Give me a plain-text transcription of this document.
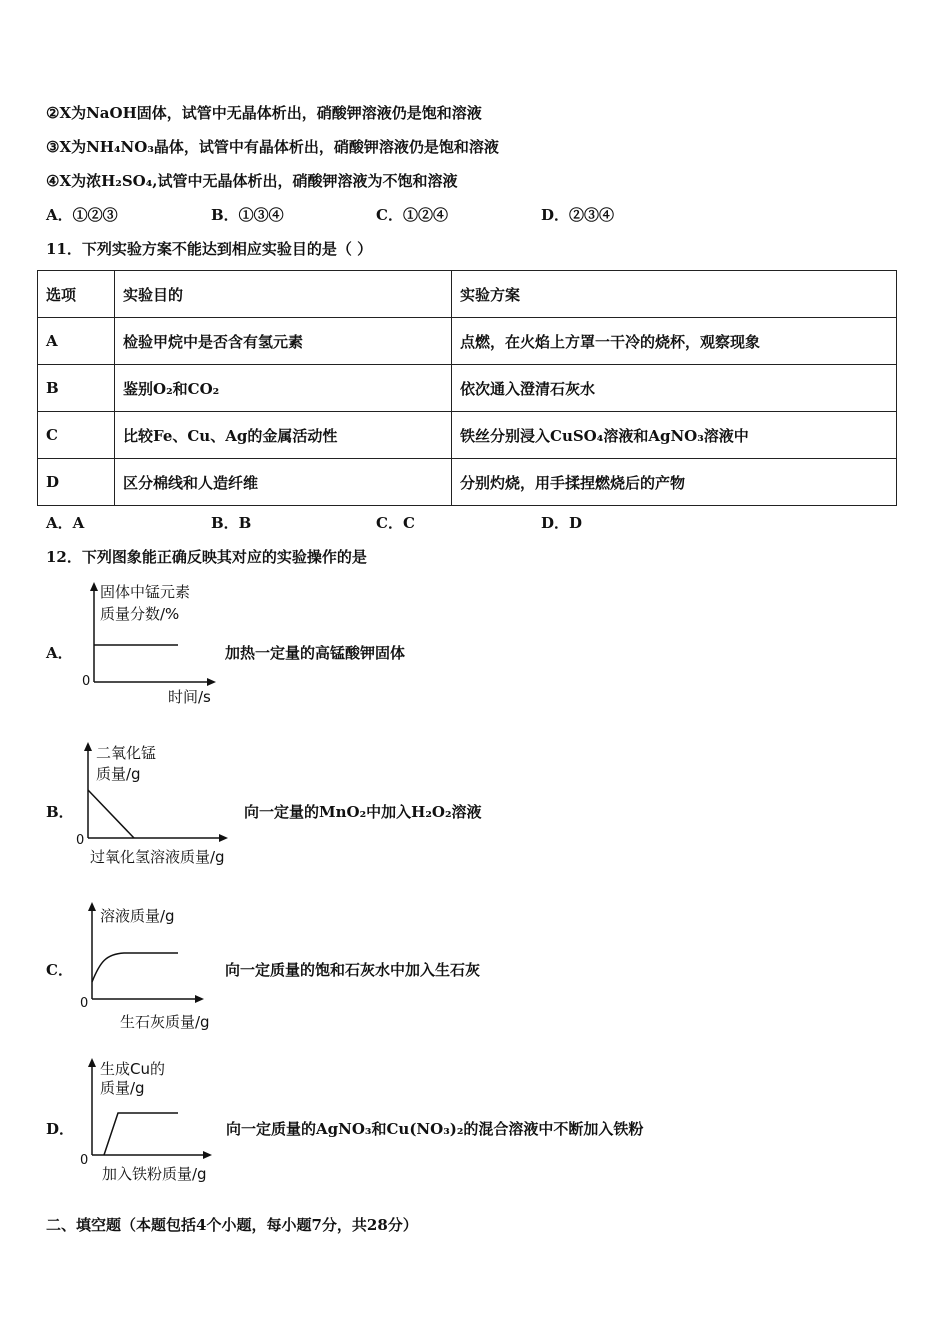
②X为NaOH固体，试管中无晶体析出，硝酸钾溶液仍是饱和溶液
③X为NH₄NO₃晶体，试管中有晶体析出，硝酸钾溶液仍是饱和溶液
④X为浓H₂SO₄,试管中无晶体析出，硝酸钾溶液为不饱和溶液
A．①②③	B．①③④	C．①②④	D．②③④
11．下列实验方案不能达到相应实验目的是（ ）
选项	实验目的	实验方案
A	检验甲烷中是否含有氢元素	点燃，在火焰上方罩一干冷的烧杯，观察现象
B	鉴别O₂和CO₂	依次通入澄清石灰水
C	比较Fe、Cu、Ag的金属活动性	铁丝分别浸入CuSO₄溶液和AgNO₃溶液中
D	区分棉线和人造纤维	分别灼烧，用手揉捏燃烧后的产物
A．A	B．B	C．C	D．D
12．下列图象能正确反映其对应的实验操作的是
A．
固体中锰元素
质量分数/%
0
时间/s
加热一定量的高锰酸钾固体
B．
二氧化锰
质量/g
0
过氧化氢溶液质量/g
向一定量的MnO₂中加入H₂O₂溶液
C．
溶液质量/g
0
生石灰质量/g
向一定质量的饱和石灰水中加入生石灰
D．
生成Cu的
质量/g
0
加入铁粉质量/g
向一定质量的AgNO₃和Cu(NO₃)₂的混合溶液中不断加入铁粉
二、填空题（本题包括4个小题，每小题7分，共28分）
